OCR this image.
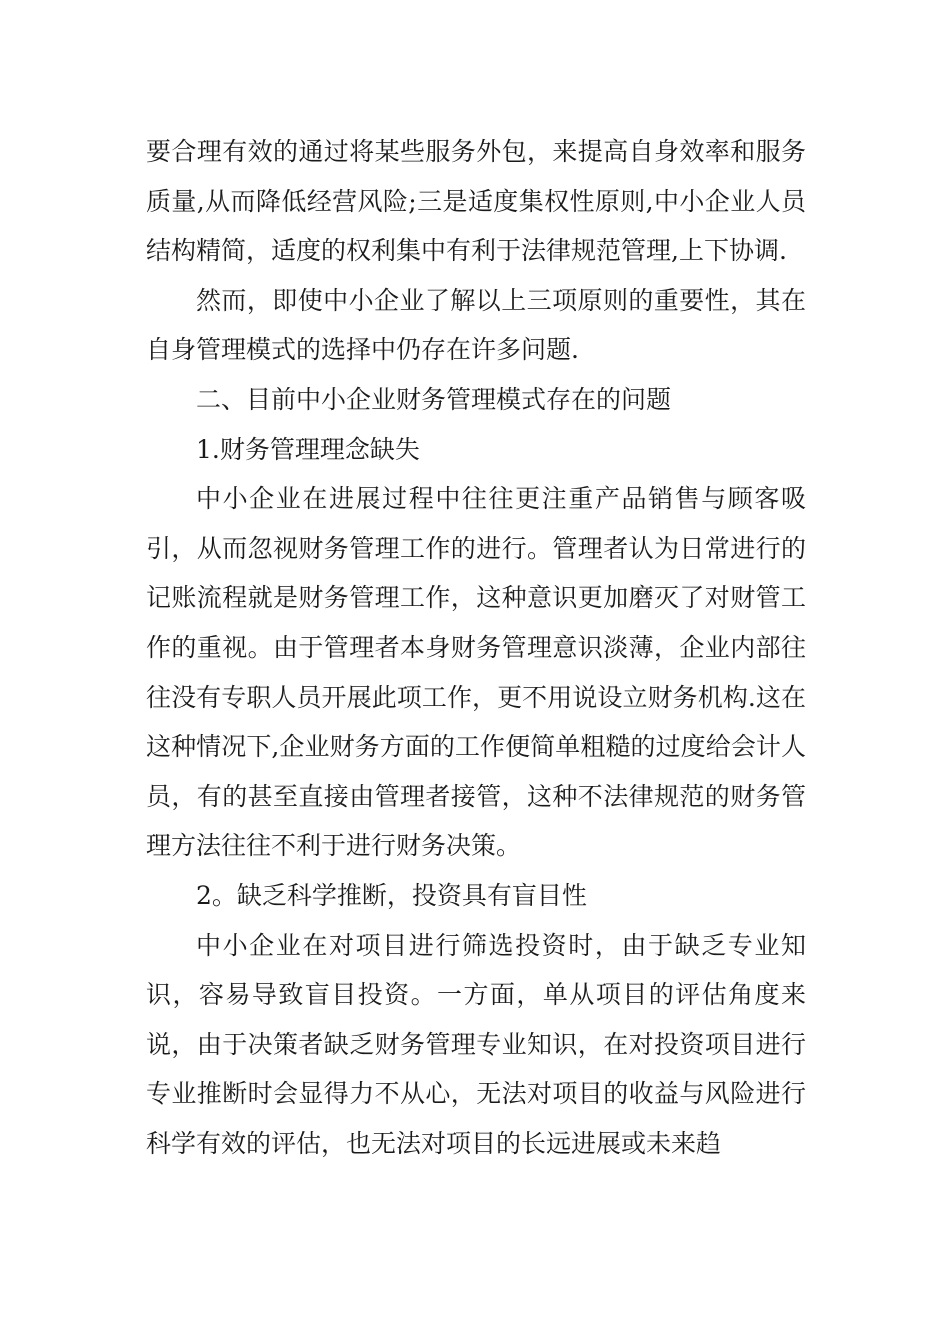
要合理有效的通过将某些服务外包，来提高自身效率和服务质量,从而降低经营风险;三是适度集权性原则,中小企业人员结构精简，适度的权利集中有利于法律规范管理,上下协调.

然而，即使中小企业了解以上三项原则的重要性，其在自身管理模式的选择中仍存在许多问题.

二、目前中小企业财务管理模式存在的问题

1.财务管理理念缺失

中小企业在进展过程中往往更注重产品销售与顾客吸引，从而忽视财务管理工作的进行。管理者认为日常进行的记账流程就是财务管理工作，这种意识更加磨灭了对财管工作的重视。由于管理者本身财务管理意识淡薄，企业内部往往没有专职人员开展此项工作，更不用说设立财务机构.这在这种情况下,企业财务方面的工作便简单粗糙的过度给会计人员，有的甚至直接由管理者接管，这种不法律规范的财务管理方法往往不利于进行财务决策。

2。缺乏科学推断，投资具有盲目性

中小企业在对项目进行筛选投资时，由于缺乏专业知识，容易导致盲目投资。一方面，单从项目的评估角度来说，由于决策者缺乏财务管理专业知识，在对投资项目进行专业推断时会显得力不从心，无法对项目的收益与风险进行科学有效的评估，也无法对项目的长远进展或未来趋
